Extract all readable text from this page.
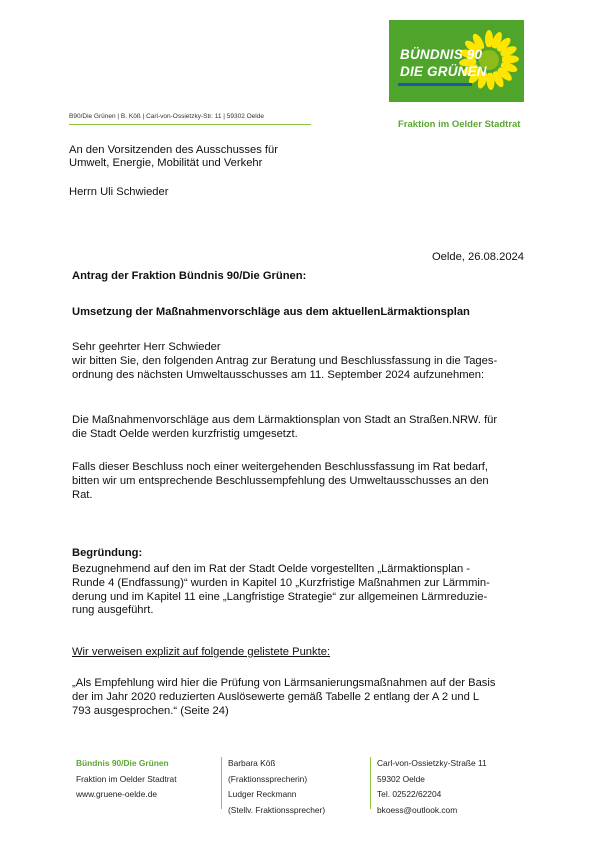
BÜNDNIS 90
DIE GRÜNEN
B90/Die Grünen | B. Köß | Carl-von-Ossietzky-Str. 11 | 59302 Oelde
Fraktion im Oelder Stadtrat
An den Vorsitzenden des Ausschusses für
Umwelt, Energie, Mobilität und Verkehr
Herrn Uli Schwieder
Oelde, 26.08.2024
Antrag der Fraktion Bündnis 90/Die Grünen:
Umsetzung der Maßnahmenvorschläge aus dem aktuellenLärmaktionsplan
Sehr geehrter Herr Schwieder
wir bitten Sie, den folgenden Antrag zur Beratung und Beschlussfassung in die Tages-
ordnung des nächsten Umweltausschusses am 11. September 2024 aufzunehmen:
Die Maßnahmenvorschläge aus dem Lärmaktionsplan von Stadt an Straßen.NRW. für
die Stadt Oelde werden kurzfristig umgesetzt.
Falls dieser Beschluss noch einer weitergehenden Beschlussfassung im Rat bedarf,
bitten wir um entsprechende Beschlussempfehlung des Umweltausschusses an den
Rat.
Begründung:
Bezugnehmend auf den im Rat der Stadt Oelde vorgestellten „Lärmaktionsplan -
Runde 4 (Endfassung)“ wurden in Kapitel 10 „Kurzfristige Maßnahmen zur Lärmmin-
derung und im Kapitel 11 eine „Langfristige Strategie“ zur allgemeinen Lärmreduzie-
rung ausgeführt.
Wir verweisen explizit auf folgende gelistete Punkte:
„Als Empfehlung wird hier die Prüfung von Lärmsanierungsmaßnahmen auf der Basis
der im Jahr 2020 reduzierten Auslösewerte gemäß Tabelle 2 entlang der A 2 und L
793 ausgesprochen.“ (Seite 24)
Bündnis 90/Die Grünen
Fraktion im Oelder Stadtrat
www.gruene-oelde.de
Barbara Köß
(Fraktionssprecherin)
Ludger Reckmann
(Stellv. Fraktionssprecher)
Carl-von-Ossietzky-Straße 11
59302 Oelde
Tel. 02522/62204
bkoess@outlook.com
